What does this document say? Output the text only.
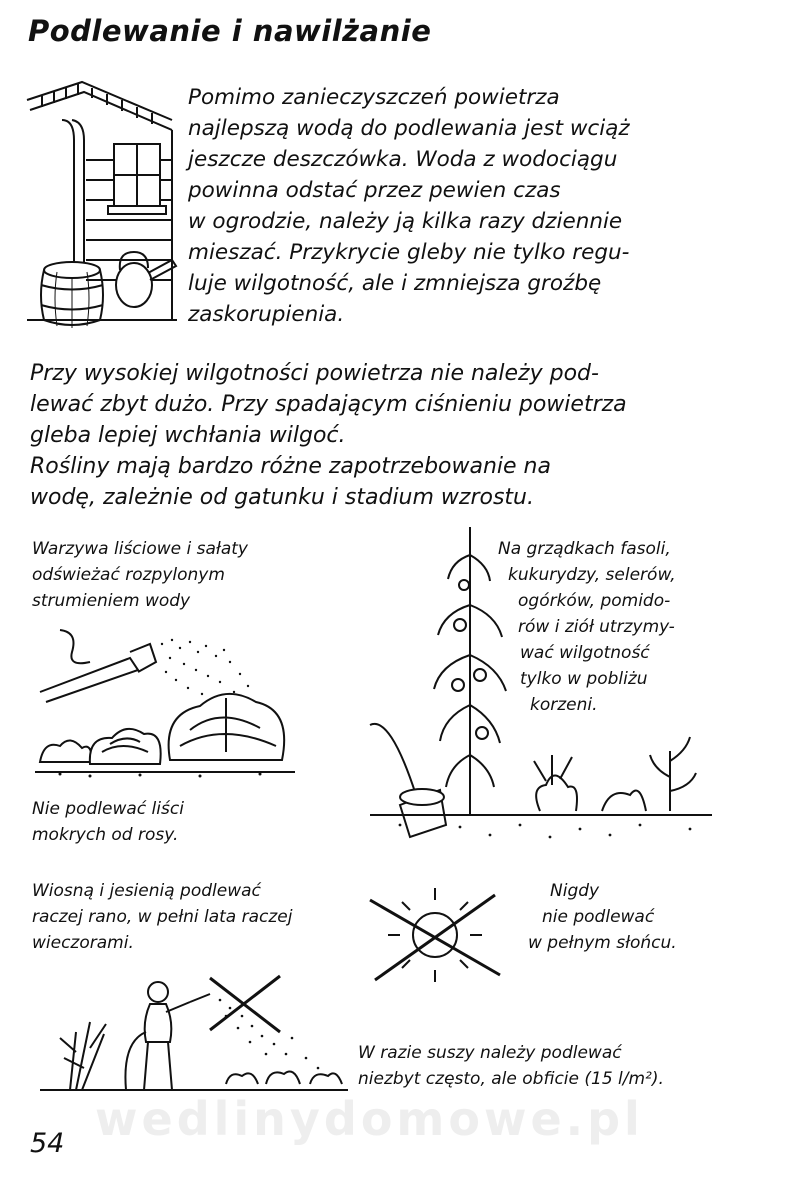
Podlewanie i nawilżanie

Pomimo zanieczyszczeń powietrza

najlepszą wodą do podlewania jest wciąż

jeszcze deszczówka. Woda z wodociągu

powinna odstać przez pewien czas

w ogrodzie, należy ją kilka razy dziennie

mieszać. Przykrycie gleby nie tylko regu-

luje wilgotność, ale i zmniejsza groźbę

zaskorupienia.

Przy wysokiej wilgotności powietrza nie należy pod-

lewać zbyt dużo. Przy spadającym ciśnieniu powietrza

gleba lepiej wchłania wilgoć.

Rośliny mają bardzo różne zapotrzebowanie na

wodę, zależnie od gatunku i stadium wzrostu.

Warzywa liściowe i sałaty
odświeżać rozpylonym
strumieniem wody
Nie podlewać liści
mokrych od rosy.
Na grządkach fasoli,
kukurydzy, selerów,
ogórków, pomido-
rów i ziół utrzymy-
wać wilgotność
tylko w pobliżu
korzeni.
Wiosną i jesienią podlewać
raczej rano, w pełni lata raczej
wieczorami.
Nigdy
nie podlewać
w pełnym słońcu.
W razie suszy należy podlewać
niezbyt często, ale obficie (15 l/m²).
wedlinydomowe.pl
54
